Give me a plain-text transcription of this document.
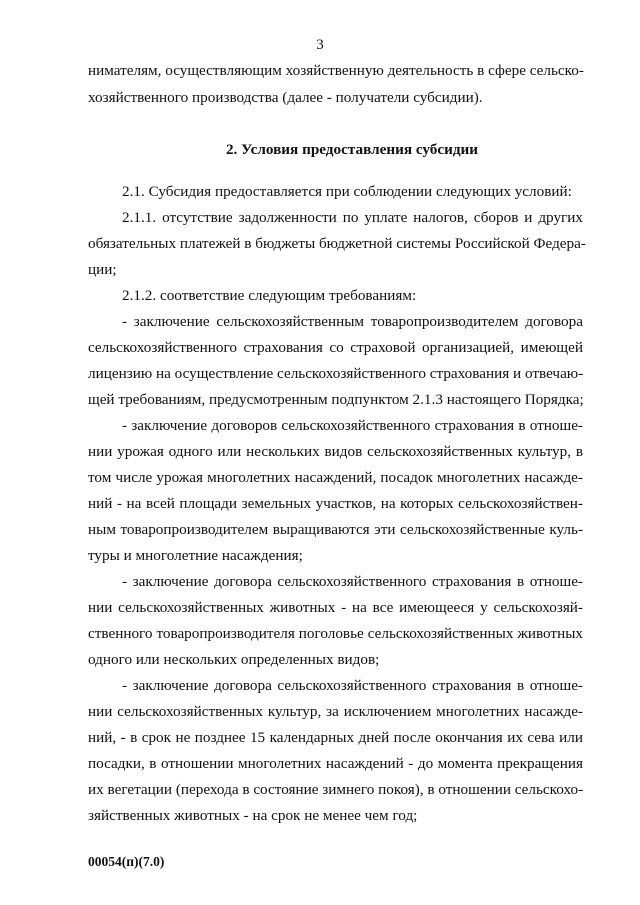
3
нимателям, осуществляющим хозяйственную деятельность в сфере сельско-
хозяйственного производства (далее - получатели субсидии).
2. Условия предоставления субсидии
2.1. Субсидия предоставляется при соблюдении следующих условий:
2.1.1. отсутствие задолженности по уплате налогов, сборов и других
обязательных платежей в бюджеты бюджетной системы Российской Федера-
ции;
2.1.2. соответствие следующим требованиям:
- заключение сельскохозяйственным товаропроизводителем договора
сельскохозяйственного страхования со страховой организацией, имеющей
лицензию на осуществление сельскохозяйственного страхования и отвечаю-
щей требованиям, предусмотренным подпунктом 2.1.3 настоящего Порядка;
- заключение договоров сельскохозяйственного страхования в отноше-
нии урожая одного или нескольких видов сельскохозяйственных культур, в
том числе урожая многолетних насаждений, посадок многолетних насажде-
ний - на всей площади земельных участков, на которых сельскохозяйствен-
ным товаропроизводителем выращиваются эти сельскохозяйственные куль-
туры и многолетние насаждения;
- заключение договора сельскохозяйственного страхования в отноше-
нии сельскохозяйственных животных - на все имеющееся у сельскохозяй-
ственного товаропроизводителя поголовье сельскохозяйственных животных
одного или нескольких определенных видов;
- заключение договора сельскохозяйственного страхования в отноше-
нии сельскохозяйственных культур, за исключением многолетних насажде-
ний, - в срок не позднее 15 календарных дней после окончания их сева или
посадки, в отношении многолетних насаждений - до момента прекращения
их вегетации (перехода в состояние зимнего покоя), в отношении сельскохо-
зяйственных животных - на срок не менее чем год;
00054(п)(7.0)
